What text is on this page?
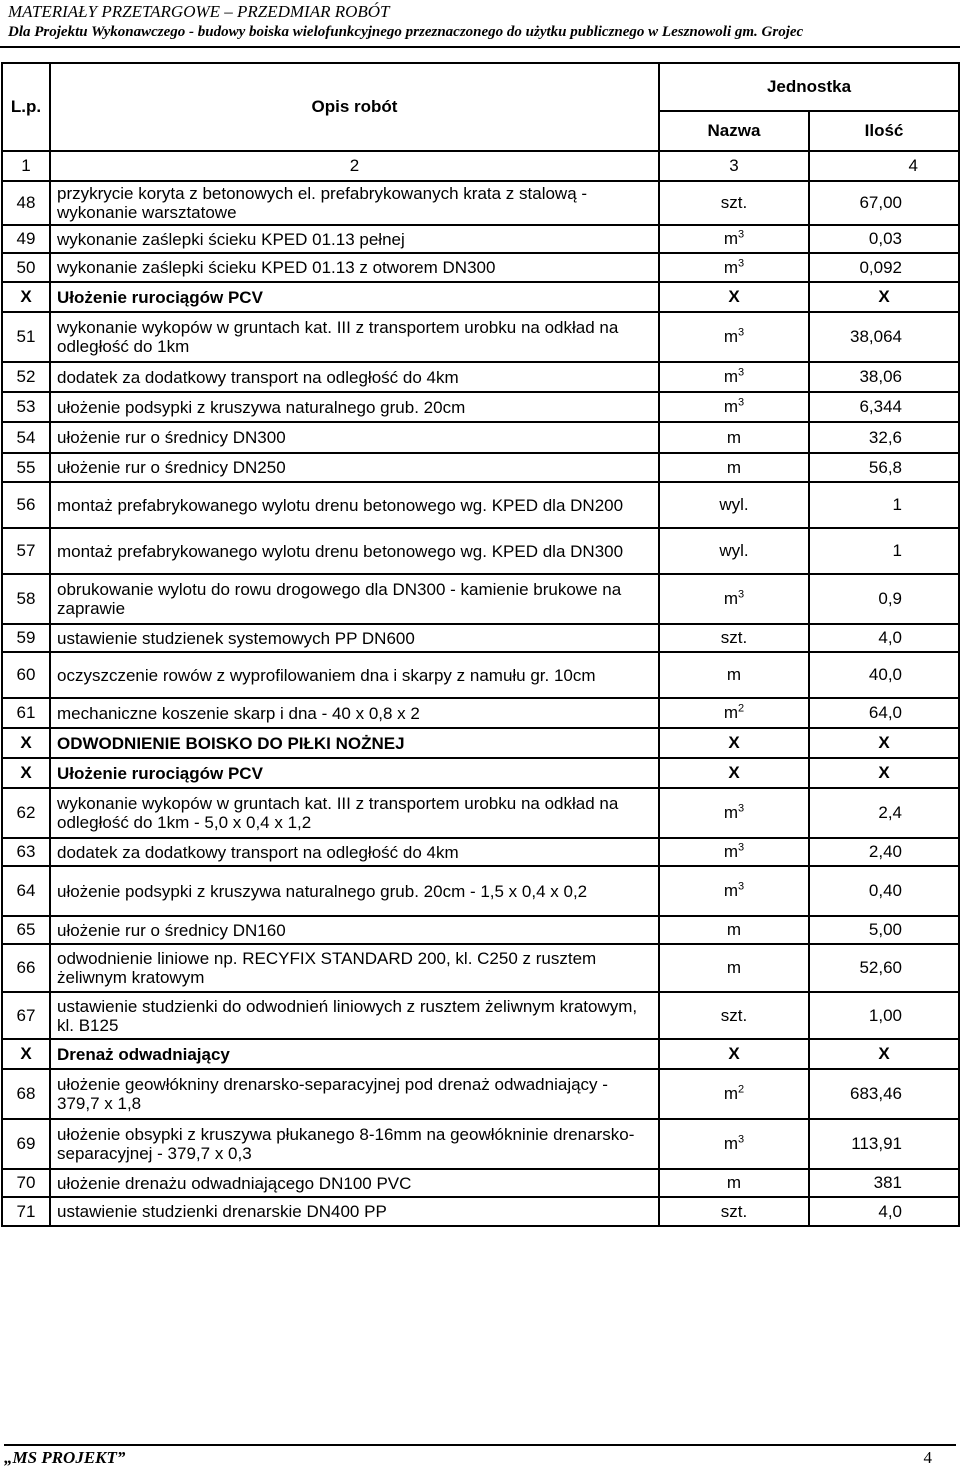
MATERIAŁY PRZETARGOWE – PRZEDMIAR ROBÓT
Dla Projektu Wykonawczego - budowy boiska wielofunkcyjnego przeznaczonego do użytku publicznego w Lesznowoli gm. Grojec
L.p.	Opis robót	Jednostka	
		Nazwa	Ilość
1	2	3	4
48	przykrycie koryta z betonowych el. prefabrykowanych krata z stalową - wykonanie warsztatowe	szt.	67,00
49	wykonanie zaślepki ścieku KPED 01.13 pełnej	$m^3$	0,03
50	wykonanie zaślepki ścieku KPED 01.13 z otworem DN300	$m^3$	0,092
X	Ułożenie rurociągów PCV	X	X
51	wykonanie wykopów w gruntach kat. III z transportem urobku na odkład na odległość do 1km	$m^3$	38,064
52	dodatek za dodatkowy transport na odległość do 4km	$m^3$	38,06
53	ułożenie podsypki z kruszywa naturalnego grub. 20cm	$m^3$	6,344
54	ułożenie rur o średnicy DN300	m	32,6
55	ułożenie rur o średnicy DN250	m	56,8
56	montaż prefabrykowanego wylotu drenu betonowego wg. KPED dla DN200	wyl.	1
57	montaż prefabrykowanego wylotu drenu betonowego wg. KPED dla DN300	wyl.	1
58	obrukowanie wylotu do rowu drogowego dla DN300 - kamienie brukowe na zaprawie	$m^3$	0,9
59	ustawienie studzienek systemowych PP DN600	szt.	4,0
60	oczyszczenie rowów z wyprofilowaniem dna i skarpy z namułu gr. 10cm	m	40,0
61	mechaniczne koszenie skarp i dna - 40 x 0,8 x 2	$m^2$	64,0
X	ODWODNIENIE BOISKO DO PIŁKI NOŻNEJ	X	X
X	Ułożenie rurociągów PCV	X	X
62	wykonanie wykopów w gruntach kat. III z transportem urobku na odkład na odległość do 1km - 5,0 x 0,4 x 1,2	$m^3$	2,4
63	dodatek za dodatkowy transport na odległość do 4km	$m^3$	2,40
64	ułożenie podsypki z kruszywa naturalnego grub. 20cm - 1,5 x 0,4 x 0,2	$m^3$	0,40
65	ułożenie rur o średnicy DN160	m	5,00
66	odwodnienie liniowe np. RECYFIX STANDARD 200, kl. C250 z rusztem żeliwnym kratowym	m	52,60
67	ustawienie studzienki do odwodnień liniowych z rusztem żeliwnym kratowym, kl. B125	szt.	1,00
X	Drenaż odwadniający	X	X
68	ułożenie geowłókniny drenarsko-separacyjnej pod drenaż odwadniający - 379,7 x 1,8	$m^2$	683,46
69	ułożenie obsypki z kruszywa płukanego 8-16mm na geowłókninie drenarsko-separacyjnej - 379,7 x 0,3	$m^3$	113,91
70	ułożenie drenażu odwadniającego DN100 PVC	m	381
71	ustawienie studzienki drenarskie DN400 PP	szt.	4,0
„MS PROJEKT”	4
